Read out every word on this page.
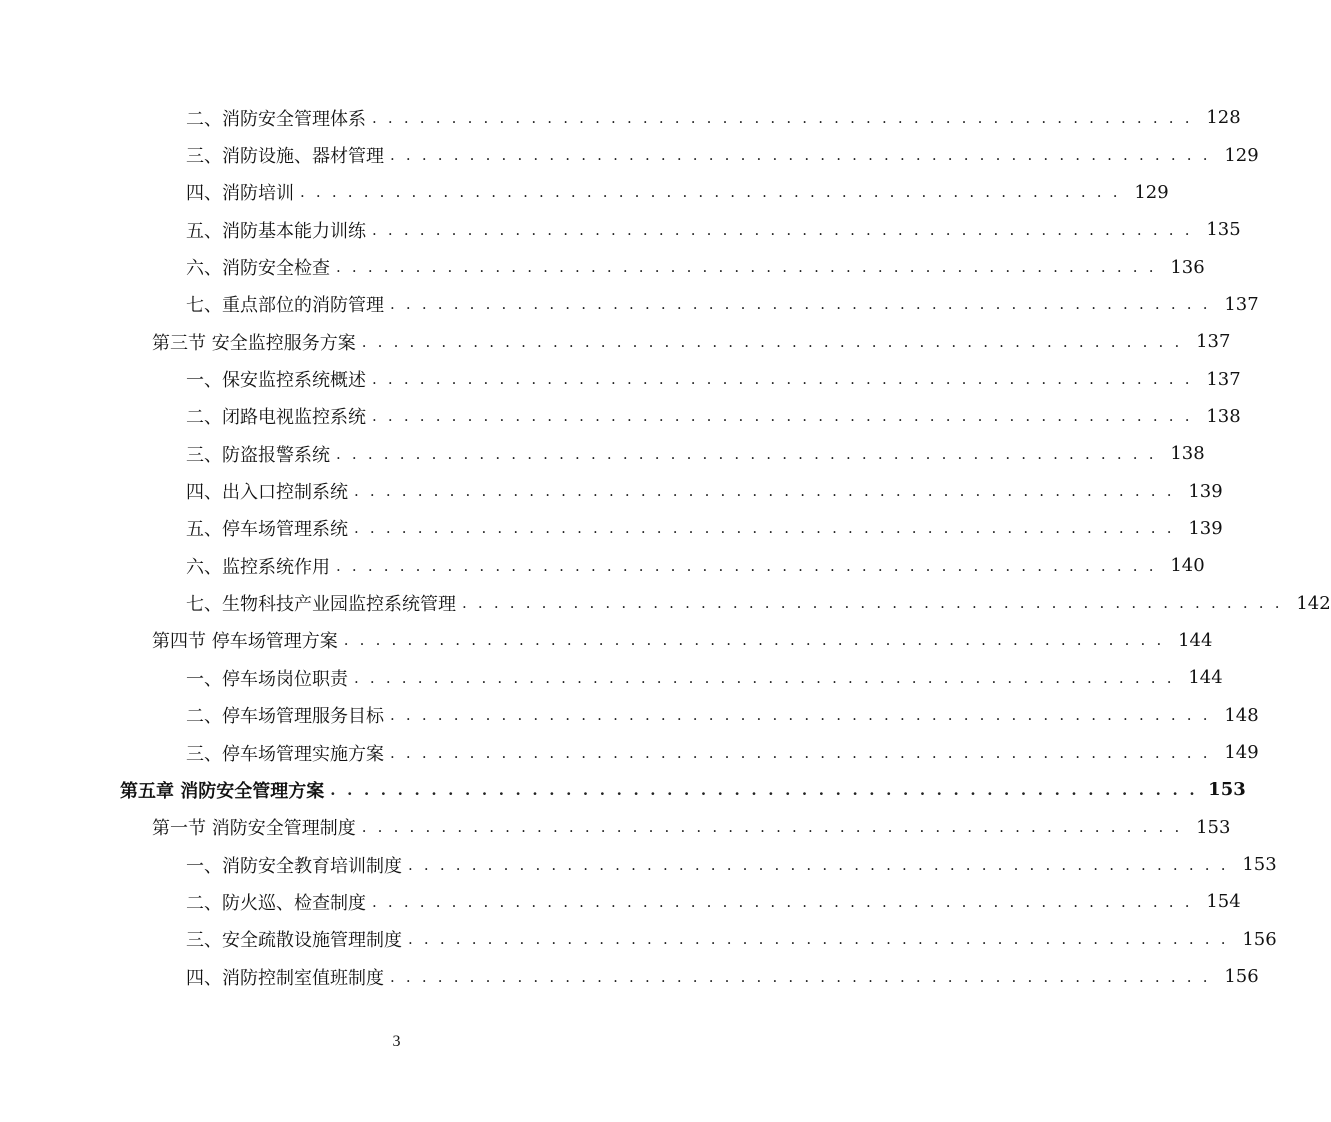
二、消防安全管理体系 . . . . . . . . . . . . . . . . . . . . . . . . . . . . . . . . . . . . . . . . . . . . . . . . . . . . 128
三、消防设施、器材管理 . . . . . . . . . . . . . . . . . . . . . . . . . . . . . . . . . . . . . . . . . . . . . . . . . . . . 129
四、消防培训 . . . . . . . . . . . . . . . . . . . . . . . . . . . . . . . . . . . . . . . . . . . . . . . . . . . . 129
五、消防基本能力训练 . . . . . . . . . . . . . . . . . . . . . . . . . . . . . . . . . . . . . . . . . . . . . . . . . . . . 135
六、消防安全检查 . . . . . . . . . . . . . . . . . . . . . . . . . . . . . . . . . . . . . . . . . . . . . . . . . . . . 136
七、重点部位的消防管理 . . . . . . . . . . . . . . . . . . . . . . . . . . . . . . . . . . . . . . . . . . . . . . . . . . . . 137
第三节 安全监控服务方案 . . . . . . . . . . . . . . . . . . . . . . . . . . . . . . . . . . . . . . . . . . . . . . . . . . . . 137
一、保安监控系统概述 . . . . . . . . . . . . . . . . . . . . . . . . . . . . . . . . . . . . . . . . . . . . . . . . . . . . 137
二、闭路电视监控系统 . . . . . . . . . . . . . . . . . . . . . . . . . . . . . . . . . . . . . . . . . . . . . . . . . . . . 138
三、防盗报警系统 . . . . . . . . . . . . . . . . . . . . . . . . . . . . . . . . . . . . . . . . . . . . . . . . . . . . 138
四、出入口控制系统 . . . . . . . . . . . . . . . . . . . . . . . . . . . . . . . . . . . . . . . . . . . . . . . . . . . . 139
五、停车场管理系统 . . . . . . . . . . . . . . . . . . . . . . . . . . . . . . . . . . . . . . . . . . . . . . . . . . . . 139
六、监控系统作用 . . . . . . . . . . . . . . . . . . . . . . . . . . . . . . . . . . . . . . . . . . . . . . . . . . . . 140
七、生物科技产业园监控系统管理 . . . . . . . . . . . . . . . . . . . . . . . . . . . . . . . . . . . . . . . . . . . . . . . . . . . . 142
第四节 停车场管理方案 . . . . . . . . . . . . . . . . . . . . . . . . . . . . . . . . . . . . . . . . . . . . . . . . . . . . 144
一、停车场岗位职责 . . . . . . . . . . . . . . . . . . . . . . . . . . . . . . . . . . . . . . . . . . . . . . . . . . . . 144
二、停车场管理服务目标 . . . . . . . . . . . . . . . . . . . . . . . . . . . . . . . . . . . . . . . . . . . . . . . . . . . . 148
三、停车场管理实施方案 . . . . . . . . . . . . . . . . . . . . . . . . . . . . . . . . . . . . . . . . . . . . . . . . . . . . 149
第五章 消防安全管理方案 . . . . . . . . . . . . . . . . . . . . . . . . . . . . . . . . . . . . . . . . . . . . . . . . . . . . 153
第一节 消防安全管理制度 . . . . . . . . . . . . . . . . . . . . . . . . . . . . . . . . . . . . . . . . . . . . . . . . . . . . 153
一、消防安全教育培训制度 . . . . . . . . . . . . . . . . . . . . . . . . . . . . . . . . . . . . . . . . . . . . . . . . . . . . 153
二、防火巡、检查制度 . . . . . . . . . . . . . . . . . . . . . . . . . . . . . . . . . . . . . . . . . . . . . . . . . . . . 154
三、安全疏散设施管理制度 . . . . . . . . . . . . . . . . . . . . . . . . . . . . . . . . . . . . . . . . . . . . . . . . . . . . 156
四、消防控制室值班制度 . . . . . . . . . . . . . . . . . . . . . . . . . . . . . . . . . . . . . . . . . . . . . . . . . . . . 156
3
